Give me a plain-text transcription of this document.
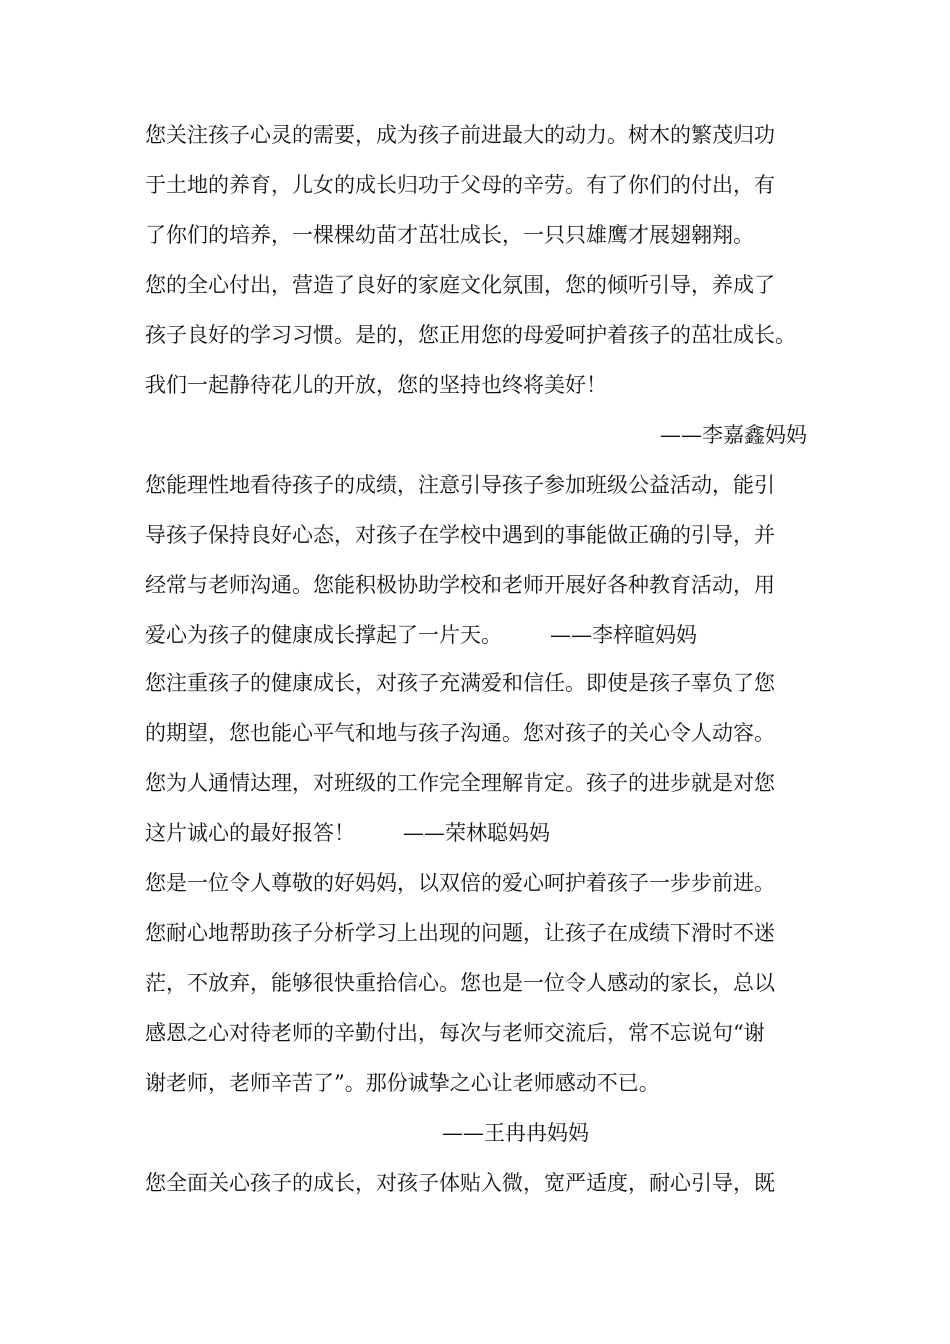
您关注孩子心灵的需要，成为孩子前进最大的动力。树木的繁茂归功
于土地的养育，儿女的成长归功于父母的辛劳。有了你们的付出，有
了你们的培养，一棵棵幼苗才茁壮成长，一只只雄鹰才展翅翱翔。
您的全心付出，营造了良好的家庭文化氛围，您的倾听引导，养成了
孩子良好的学习习惯。是的，您正用您的母爱呵护着孩子的茁壮成长。
我们一起静待花儿的开放，您的坚持也终将美好！
——李嘉鑫妈妈
您能理性地看待孩子的成绩，注意引导孩子参加班级公益活动，能引
导孩子保持良好心态，对孩子在学校中遇到的事能做正确的引导，并
经常与老师沟通。您能积极协助学校和老师开展好各种教育活动，用
爱心为孩子的健康成长撑起了一片天。 ——李梓暄妈妈
您注重孩子的健康成长，对孩子充满爱和信任。即使是孩子辜负了您
的期望，您也能心平气和地与孩子沟通。您对孩子的关心令人动容。
您为人通情达理，对班级的工作完全理解肯定。孩子的进步就是对您
这片诚心的最好报答！ ——荣林聪妈妈
您是一位令人尊敬的好妈妈，以双倍的爱心呵护着孩子一步步前进。
您耐心地帮助孩子分析学习上出现的问题，让孩子在成绩下滑时不迷
茫，不放弃，能够很快重拾信心。您也是一位令人感动的家长，总以
感恩之心对待老师的辛勤付出，每次与老师交流后，常不忘说句“谢
谢老师，老师辛苦了”。那份诚挚之心让老师感动不已。
——王冉冉妈妈
您全面关心孩子的成长，对孩子体贴入微，宽严适度，耐心引导，既
